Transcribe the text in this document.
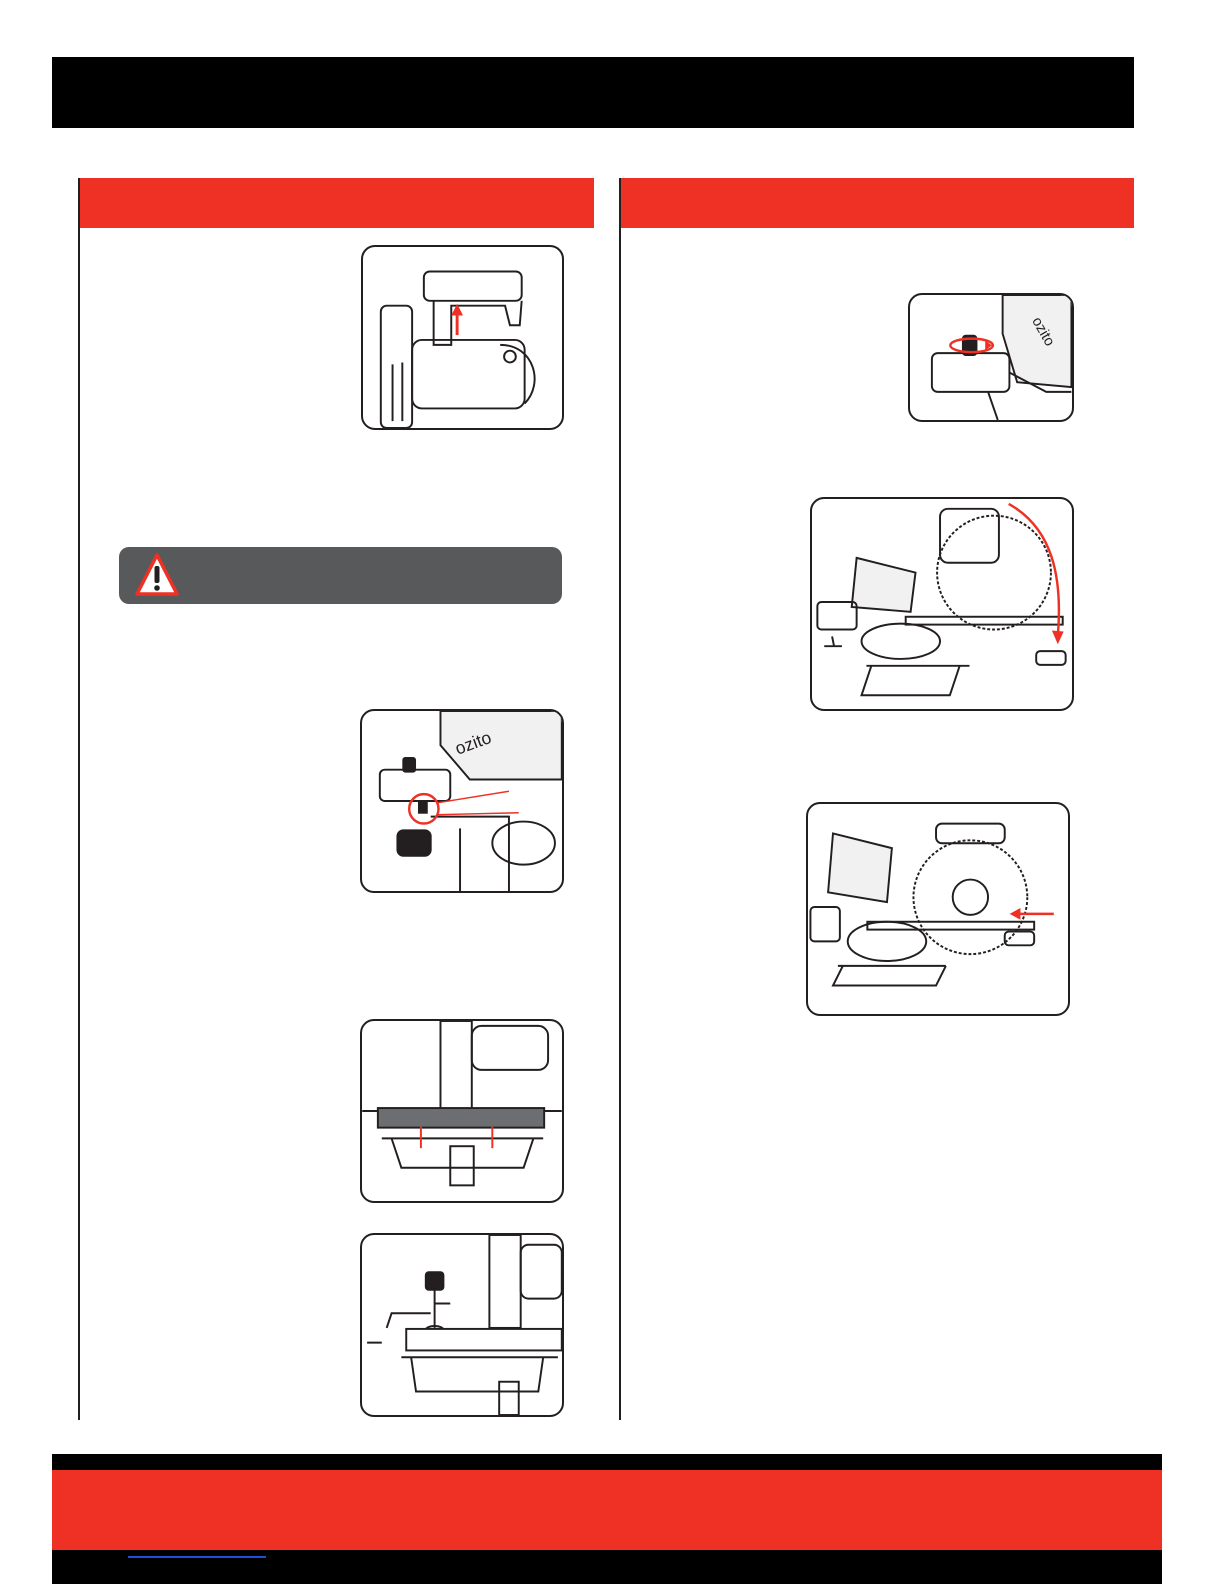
ozito
ozito
